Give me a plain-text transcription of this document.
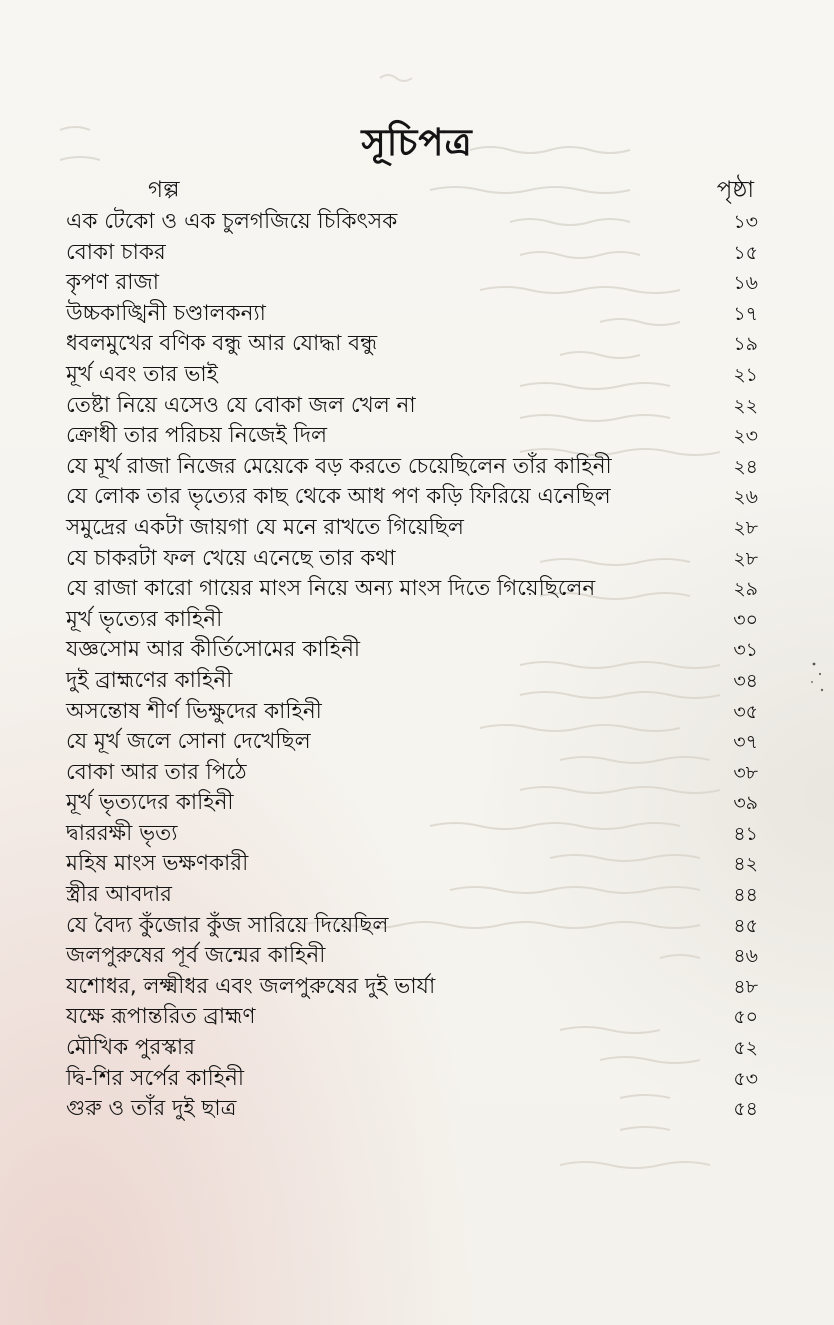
সূচিপত্র
গল্প	পৃষ্ঠা
এক টেকো ও এক চুলগজিয়ে চিকিৎসক	১৩
বোকা চাকর	১৫
কৃপণ রাজা	১৬
উচ্চকাঙ্খিনী চণ্ডালকন্যা	১৭
ধবলমুখের বণিক বন্ধু আর যোদ্ধা বন্ধু	১৯
মূর্খ এবং তার ভাই	২১
তেষ্টা নিয়ে এসেও যে বোকা জল খেল না	২২
ক্রোধী তার পরিচয় নিজেই দিল	২৩
যে মূর্খ রাজা নিজের মেয়েকে বড় করতে চেয়েছিলেন তাঁর কাহিনী	২৪
যে লোক তার ভৃত্যের কাছ থেকে আধ পণ কড়ি ফিরিয়ে এনেছিল	২৬
সমুদ্রের একটা জায়গা যে মনে রাখতে গিয়েছিল	২৮
যে চাকরটা ফল খেয়ে এনেছে তার কথা	২৮
যে রাজা কারো গায়ের মাংস নিয়ে অন্য মাংস দিতে গিয়েছিলেন	২৯
মূর্খ ভৃত্যের কাহিনী	৩০
যজ্ঞসোম আর কীর্তিসোমের কাহিনী	৩১
দুই ব্রাহ্মণের কাহিনী	৩৪
অসন্তোষ শীর্ণ ভিক্ষুদের কাহিনী	৩৫
যে মূর্খ জলে সোনা দেখেছিল	৩৭
বোকা আর তার পিঠে	৩৮
মূর্খ ভৃত্যদের কাহিনী	৩৯
দ্বাররক্ষী ভৃত্য	৪১
মহিষ মাংস ভক্ষণকারী	৪২
স্ত্রীর আবদার	৪৪
যে বৈদ্য কুঁজোর কুঁজ সারিয়ে দিয়েছিল	৪৫
জলপুরুষের পূর্ব জন্মের কাহিনী	৪৬
যশোধর, লক্ষ্মীধর এবং জলপুরুষের দুই ভার্যা	৪৮
যক্ষে রূপান্তরিত ব্রাহ্মণ	৫০
মৌখিক পুরস্কার	৫২
দ্বি-শির সর্পের কাহিনী	৫৩
গুরু ও তাঁর দুই ছাত্র	৫৪
